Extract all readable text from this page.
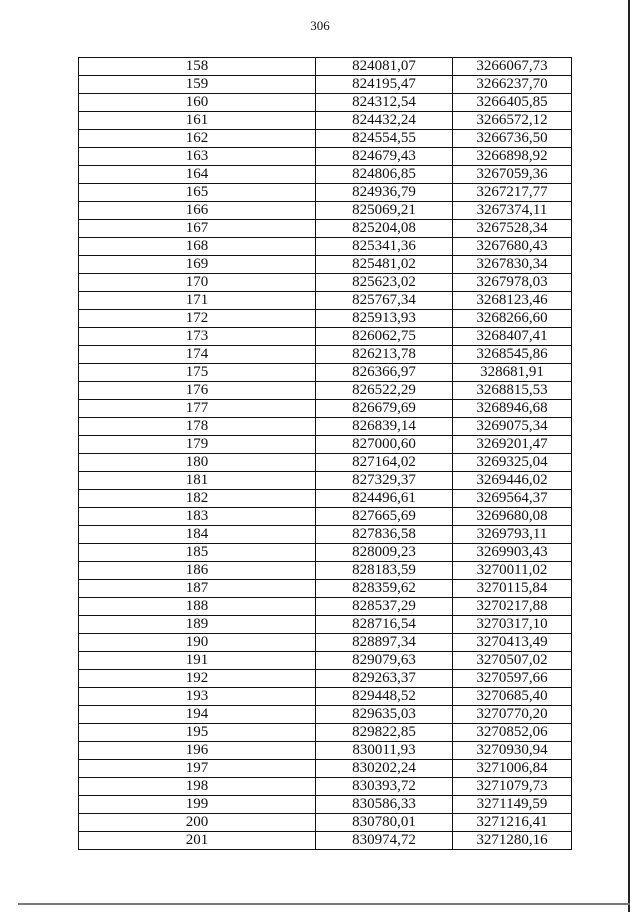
306
158	824081,07	3266067,73
159	824195,47	3266237,70
160	824312,54	3266405,85
161	824432,24	3266572,12
162	824554,55	3266736,50
163	824679,43	3266898,92
164	824806,85	3267059,36
165	824936,79	3267217,77
166	825069,21	3267374,11
167	825204,08	3267528,34
168	825341,36	3267680,43
169	825481,02	3267830,34
170	825623,02	3267978,03
171	825767,34	3268123,46
172	825913,93	3268266,60
173	826062,75	3268407,41
174	826213,78	3268545,86
175	826366,97	328681,91
176	826522,29	3268815,53
177	826679,69	3268946,68
178	826839,14	3269075,34
179	827000,60	3269201,47
180	827164,02	3269325,04
181	827329,37	3269446,02
182	824496,61	3269564,37
183	827665,69	3269680,08
184	827836,58	3269793,11
185	828009,23	3269903,43
186	828183,59	3270011,02
187	828359,62	3270115,84
188	828537,29	3270217,88
189	828716,54	3270317,10
190	828897,34	3270413,49
191	829079,63	3270507,02
192	829263,37	3270597,66
193	829448,52	3270685,40
194	829635,03	3270770,20
195	829822,85	3270852,06
196	830011,93	3270930,94
197	830202,24	3271006,84
198	830393,72	3271079,73
199	830586,33	3271149,59
200	830780,01	3271216,41
201	830974,72	3271280,16
